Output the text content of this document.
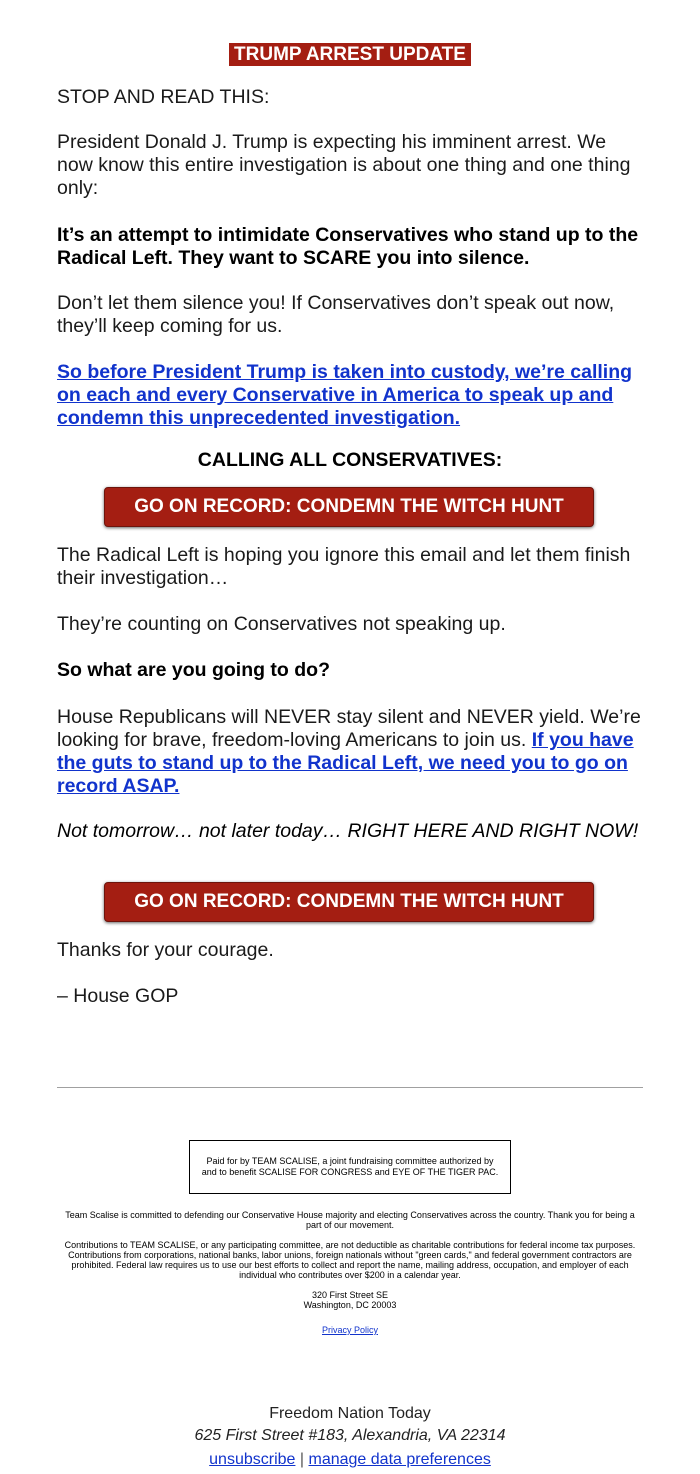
TRUMP ARREST UPDATE

STOP AND READ THIS:

President Donald J. Trump is expecting his imminent arrest. We now know this entire investigation is about one thing and one thing only:

It’s an attempt to intimidate Conservatives who stand up to the Radical Left. They want to SCARE you into silence.

Don’t let them silence you! If Conservatives don’t speak out now, they’ll keep coming for us.

So before President Trump is taken into custody, we’re calling on each and every Conservative in America to speak up and condemn this unprecedented investigation.

CALLING ALL CONSERVATIVES:
GO ON RECORD: CONDEMN THE WITCH HUNT

The Radical Left is hoping you ignore this email and let them finish their investigation…

They’re counting on Conservatives not speaking up.

So what are you going to do?

House Republicans will NEVER stay silent and NEVER yield. We’re looking for brave, freedom-loving Americans to join us. If you have the guts to stand up to the Radical Left, we need you to go on record ASAP.

Not tomorrow… not later today… RIGHT HERE AND RIGHT NOW!

GO ON RECORD: CONDEMN THE WITCH HUNT

Thanks for your courage.

– House GOP

Paid for by TEAM SCALISE, a joint fundraising committee authorized by and to benefit SCALISE FOR CONGRESS and EYE OF THE TIGER PAC.

Team Scalise is committed to defending our Conservative House majority and electing Conservatives across the country. Thank you for being a part of our movement.

Contributions to TEAM SCALISE, or any participating committee, are not deductible as charitable contributions for federal income tax purposes. Contributions from corporations, national banks, labor unions, foreign nationals without "green cards," and federal government contractors are prohibited. Federal law requires us to use our best efforts to collect and report the name, mailing address, occupation, and employer of each individual who contributes over $200 in a calendar year.

320 First Street SE

Washington, DC 20003

Privacy Policy

Freedom Nation Today
625 First Street #183, Alexandria, VA 22314
unsubscribe | manage data preferences
